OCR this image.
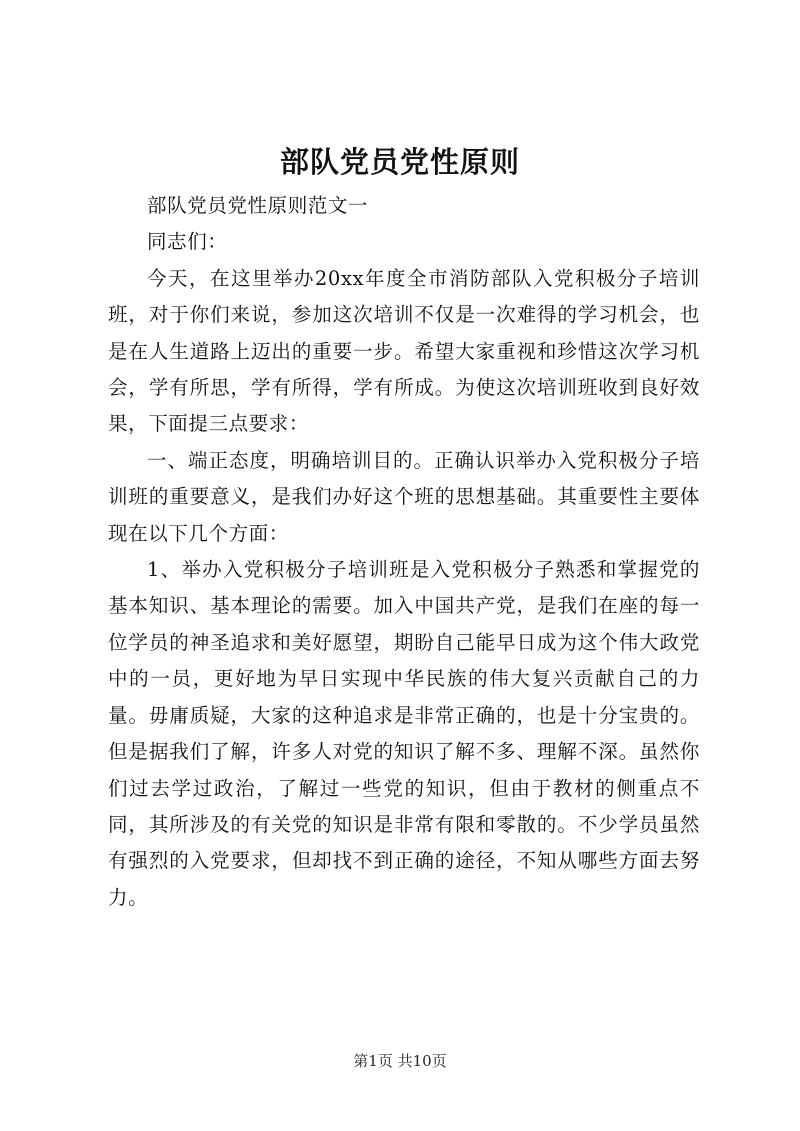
部队党员党性原则

部队党员党性原则范文一

同志们：

今天，在这里举办20xx年度全市消防部队入党积极分子培训班，对于你们来说，参加这次培训不仅是一次难得的学习机会，也是在人生道路上迈出的重要一步。希望大家重视和珍惜这次学习机会，学有所思，学有所得，学有所成。为使这次培训班收到良好效果，下面提三点要求：

一、端正态度，明确培训目的。正确认识举办入党积极分子培训班的重要意义，是我们办好这个班的思想基础。其重要性主要体现在以下几个方面：

1、举办入党积极分子培训班是入党积极分子熟悉和掌握党的基本知识、基本理论的需要。加入中国共产党，是我们在座的每一位学员的神圣追求和美好愿望，期盼自己能早日成为这个伟大政党中的一员，更好地为早日实现中华民族的伟大复兴贡献自己的力量。毋庸质疑，大家的这种追求是非常正确的，也是十分宝贵的。但是据我们了解，许多人对党的知识了解不多、理解不深。虽然你们过去学过政治，了解过一些党的知识，但由于教材的侧重点不同，其所涉及的有关党的知识是非常有限和零散的。不少学员虽然有强烈的入党要求，但却找不到正确的途径，不知从哪些方面去努力。

第1页 共10页
